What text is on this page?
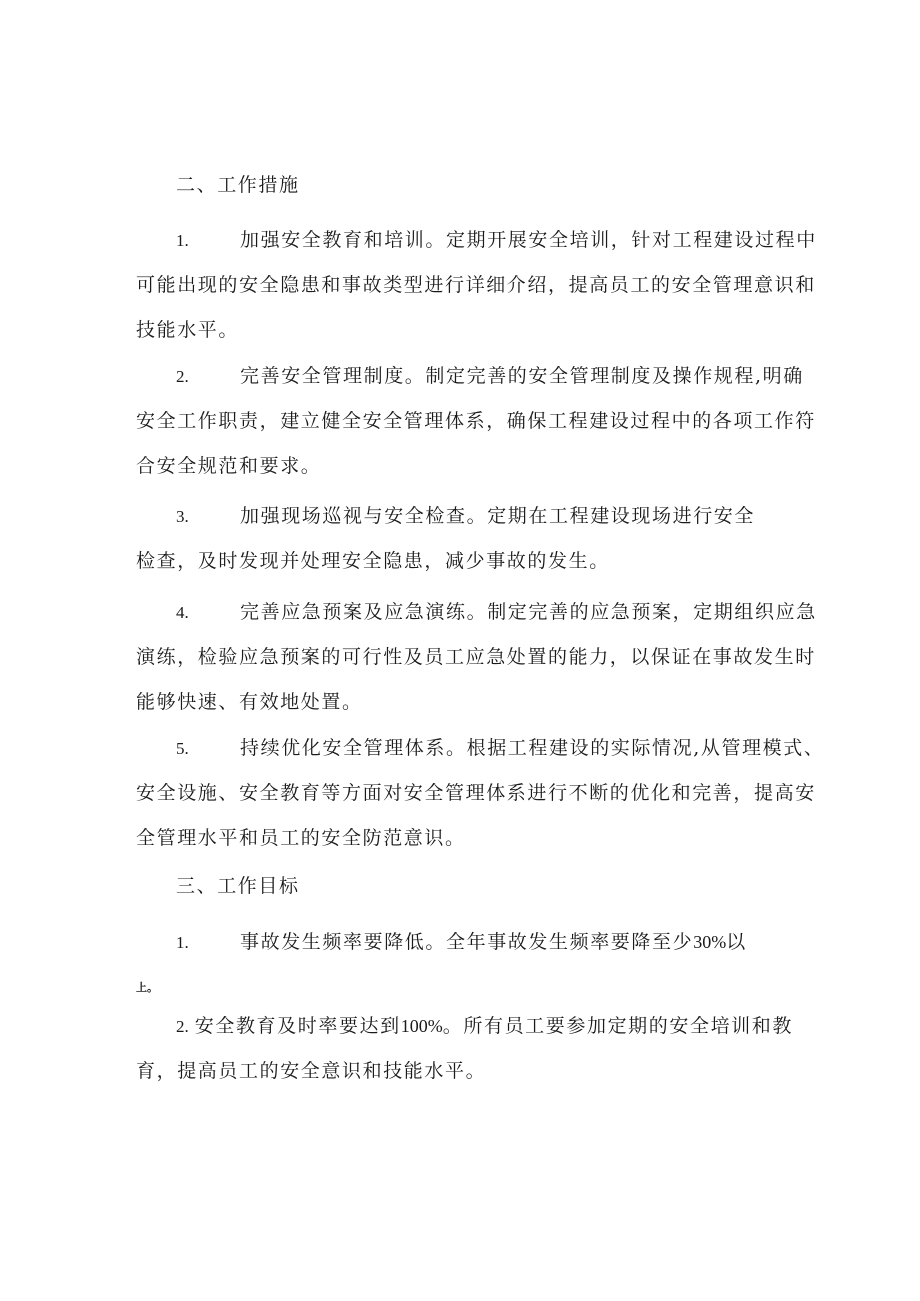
二、工作措施
1.	加强安全教育和培训。定期开展安全培训，针对工程建设过程中
可能出现的安全隐患和事故类型进行详细介绍，提高员工的安全管理意识和
技能水平。
2.	完善安全管理制度。制定完善的安全管理制度及操作规程,明确
安全工作职责，建立健全安全管理体系，确保工程建设过程中的各项工作符
合安全规范和要求。
3.	加强现场巡视与安全检查。定期在工程建设现场进行安全
检查，及时发现并处理安全隐患，减少事故的发生。
4.	完善应急预案及应急演练。制定完善的应急预案，定期组织应急
演练，检验应急预案的可行性及员工应急处置的能力，以保证在事故发生时
能够快速、有效地处置。
5.	持续优化安全管理体系。根据工程建设的实际情况,从管理模式、
安全设施、安全教育等方面对安全管理体系进行不断的优化和完善，提高安
全管理水平和员工的安全防范意识。
三、工作目标
1.	事故发生频率要降低。全年事故发生频率要降至少30%以
上。
2. 安全教育及时率要达到100%。所有员工要参加定期的安全培训和教
育，提高员工的安全意识和技能水平。
